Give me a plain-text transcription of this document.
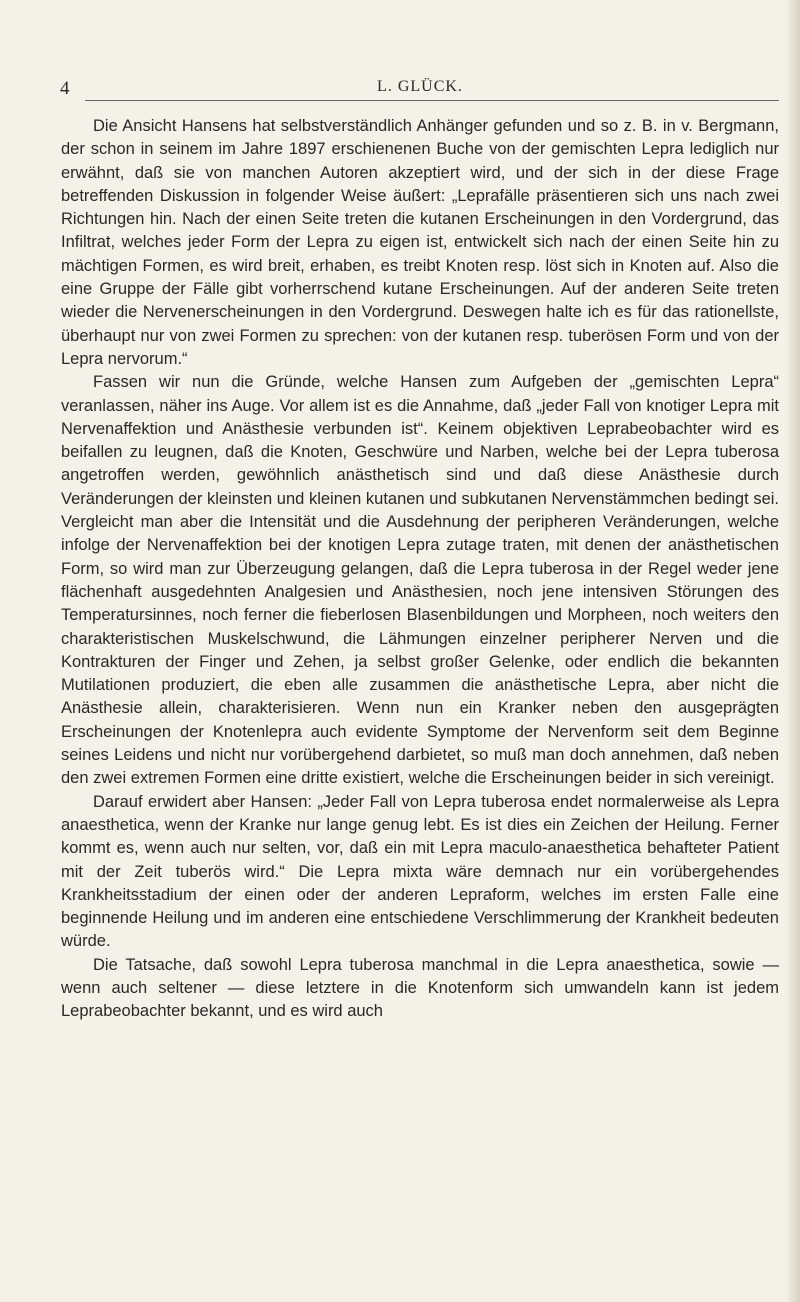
4	L. GLÜCK.

Die Ansicht Hansens hat selbstverständlich Anhänger gefunden und so z. B. in v. Bergmann, der schon in seinem im Jahre 1897 erschienenen Buche von der gemischten Lepra lediglich nur erwähnt, daß sie von manchen Autoren akzeptiert wird, und der sich in der diese Frage betreffenden Diskussion in folgender Weise äußert: „Leprafälle präsentieren sich uns nach zwei Richtungen hin. Nach der einen Seite treten die kutanen Erscheinungen in den Vordergrund, das Infiltrat, welches jeder Form der Lepra zu eigen ist, entwickelt sich nach der einen Seite hin zu mächtigen Formen, es wird breit, erhaben, es treibt Knoten resp. löst sich in Knoten auf. Also die eine Gruppe der Fälle gibt vorherrschend kutane Erscheinungen. Auf der anderen Seite treten wieder die Nervenerscheinungen in den Vordergrund. Deswegen halte ich es für das rationellste, überhaupt nur von zwei Formen zu sprechen: von der kutanen resp. tuberösen Form und von der Lepra nervorum.“

Fassen wir nun die Gründe, welche Hansen zum Aufgeben der „gemischten Lepra“ veranlassen, näher ins Auge. Vor allem ist es die Annahme, daß „jeder Fall von knotiger Lepra mit Nervenaffektion und Anästhesie verbunden ist“. Keinem objektiven Leprabeobachter wird es beifallen zu leugnen, daß die Knoten, Geschwüre und Narben, welche bei der Lepra tuberosa angetroffen werden, gewöhnlich anästhetisch sind und daß diese Anästhesie durch Veränderungen der kleinsten und kleinen kutanen und subkutanen Nervenstämmchen bedingt sei. Vergleicht man aber die Intensität und die Ausdehnung der peripheren Veränderungen, welche infolge der Nervenaffektion bei der knotigen Lepra zutage traten, mit denen der anästhetischen Form, so wird man zur Überzeugung gelangen, daß die Lepra tuberosa in der Regel weder jene flächenhaft ausgedehnten Analgesien und Anästhesien, noch jene intensiven Störungen des Temperatursinnes, noch ferner die fieberlosen Blasenbildungen und Morpheen, noch weiters den charakteristischen Muskelschwund, die Lähmungen einzelner peripherer Nerven und die Kontrakturen der Finger und Zehen, ja selbst großer Gelenke, oder endlich die bekannten Mutilationen produziert, die eben alle zusammen die anästhetische Lepra, aber nicht die Anästhesie allein, charakterisieren. Wenn nun ein Kranker neben den ausgeprägten Erscheinungen der Knotenlepra auch evidente Symptome der Nervenform seit dem Beginne seines Leidens und nicht nur vorübergehend darbietet, so muß man doch annehmen, daß neben den zwei extremen Formen eine dritte existiert, welche die Erscheinungen beider in sich vereinigt.

Darauf erwidert aber Hansen: „Jeder Fall von Lepra tuberosa endet normalerweise als Lepra anaesthetica, wenn der Kranke nur lange genug lebt. Es ist dies ein Zeichen der Heilung. Ferner kommt es, wenn auch nur selten, vor, daß ein mit Lepra maculo-anaesthetica behafteter Patient mit der Zeit tuberös wird.“ Die Lepra mixta wäre demnach nur ein vorübergehendes Krankheitsstadium der einen oder der anderen Lepraform, welches im ersten Falle eine beginnende Heilung und im anderen eine entschiedene Verschlimmerung der Krankheit bedeuten würde.

Die Tatsache, daß sowohl Lepra tuberosa manchmal in die Lepra anaesthetica, sowie — wenn auch seltener — diese letztere in die Knotenform sich umwandeln kann ist jedem Leprabeobachter bekannt, und es wird auch
